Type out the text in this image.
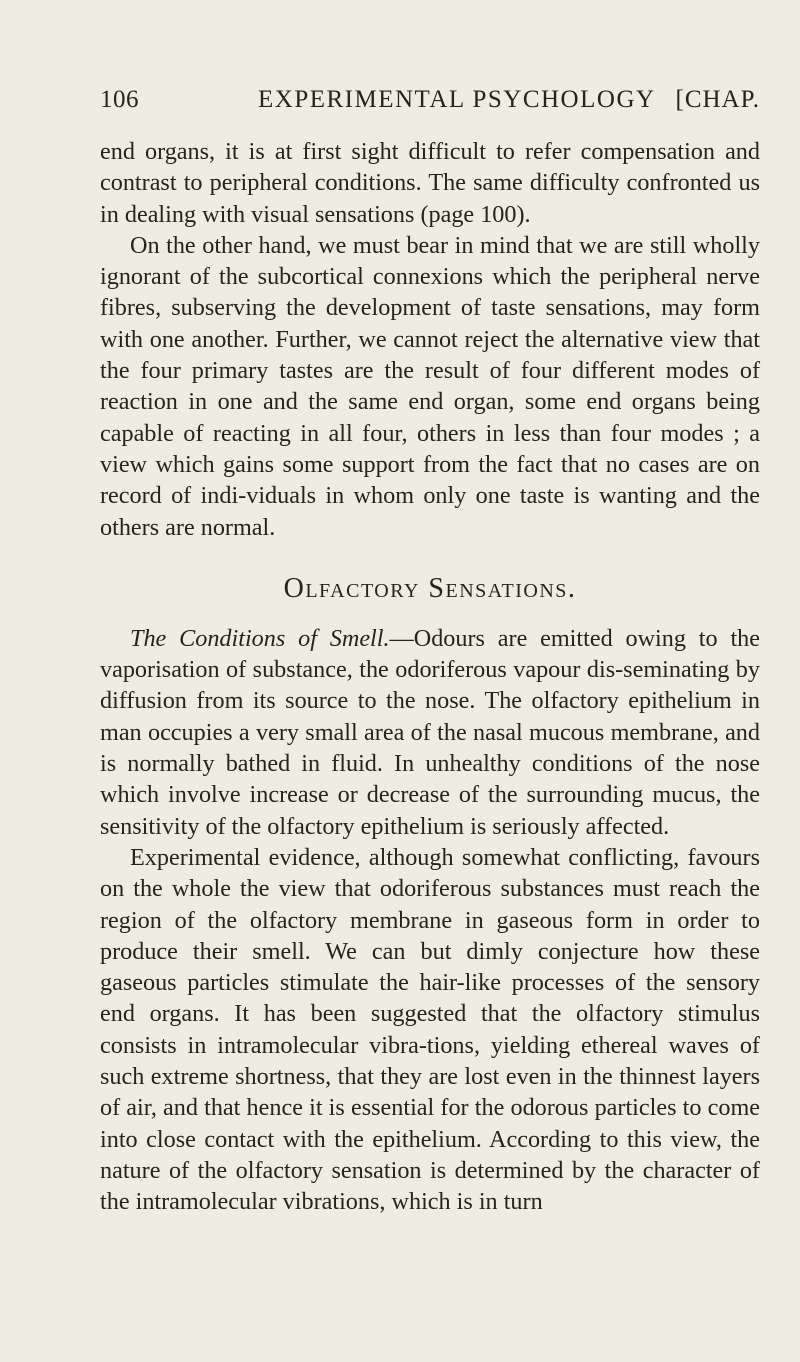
106	EXPERIMENTAL PSYCHOLOGY [CHAP.

end organs, it is at first sight difficult to refer compensation and contrast to peripheral conditions. The same difficulty confronted us in dealing with visual sensations (page 100).

On the other hand, we must bear in mind that we are still wholly ignorant of the subcortical connexions which the peripheral nerve fibres, subserving the development of taste sensations, may form with one another. Further, we cannot reject the alternative view that the four primary tastes are the result of four different modes of reaction in one and the same end organ, some end organs being capable of reacting in all four, others in less than four modes ; a view which gains some support from the fact that no cases are on record of indi-viduals in whom only one taste is wanting and the others are normal.

Olfactory Sensations.

The Conditions of Smell.—Odours are emitted owing to the vaporisation of substance, the odoriferous vapour dis-seminating by diffusion from its source to the nose. The olfactory epithelium in man occupies a very small area of the nasal mucous membrane, and is normally bathed in fluid. In unhealthy conditions of the nose which involve increase or decrease of the surrounding mucus, the sensitivity of the olfactory epithelium is seriously affected.

Experimental evidence, although somewhat conflicting, favours on the whole the view that odoriferous substances must reach the region of the olfactory membrane in gaseous form in order to produce their smell. We can but dimly conjecture how these gaseous particles stimulate the hair-like processes of the sensory end organs. It has been suggested that the olfactory stimulus consists in intramolecular vibra-tions, yielding ethereal waves of such extreme shortness, that they are lost even in the thinnest layers of air, and that hence it is essential for the odorous particles to come into close contact with the epithelium. According to this view, the nature of the olfactory sensation is determined by the character of the intramolecular vibrations, which is in turn
